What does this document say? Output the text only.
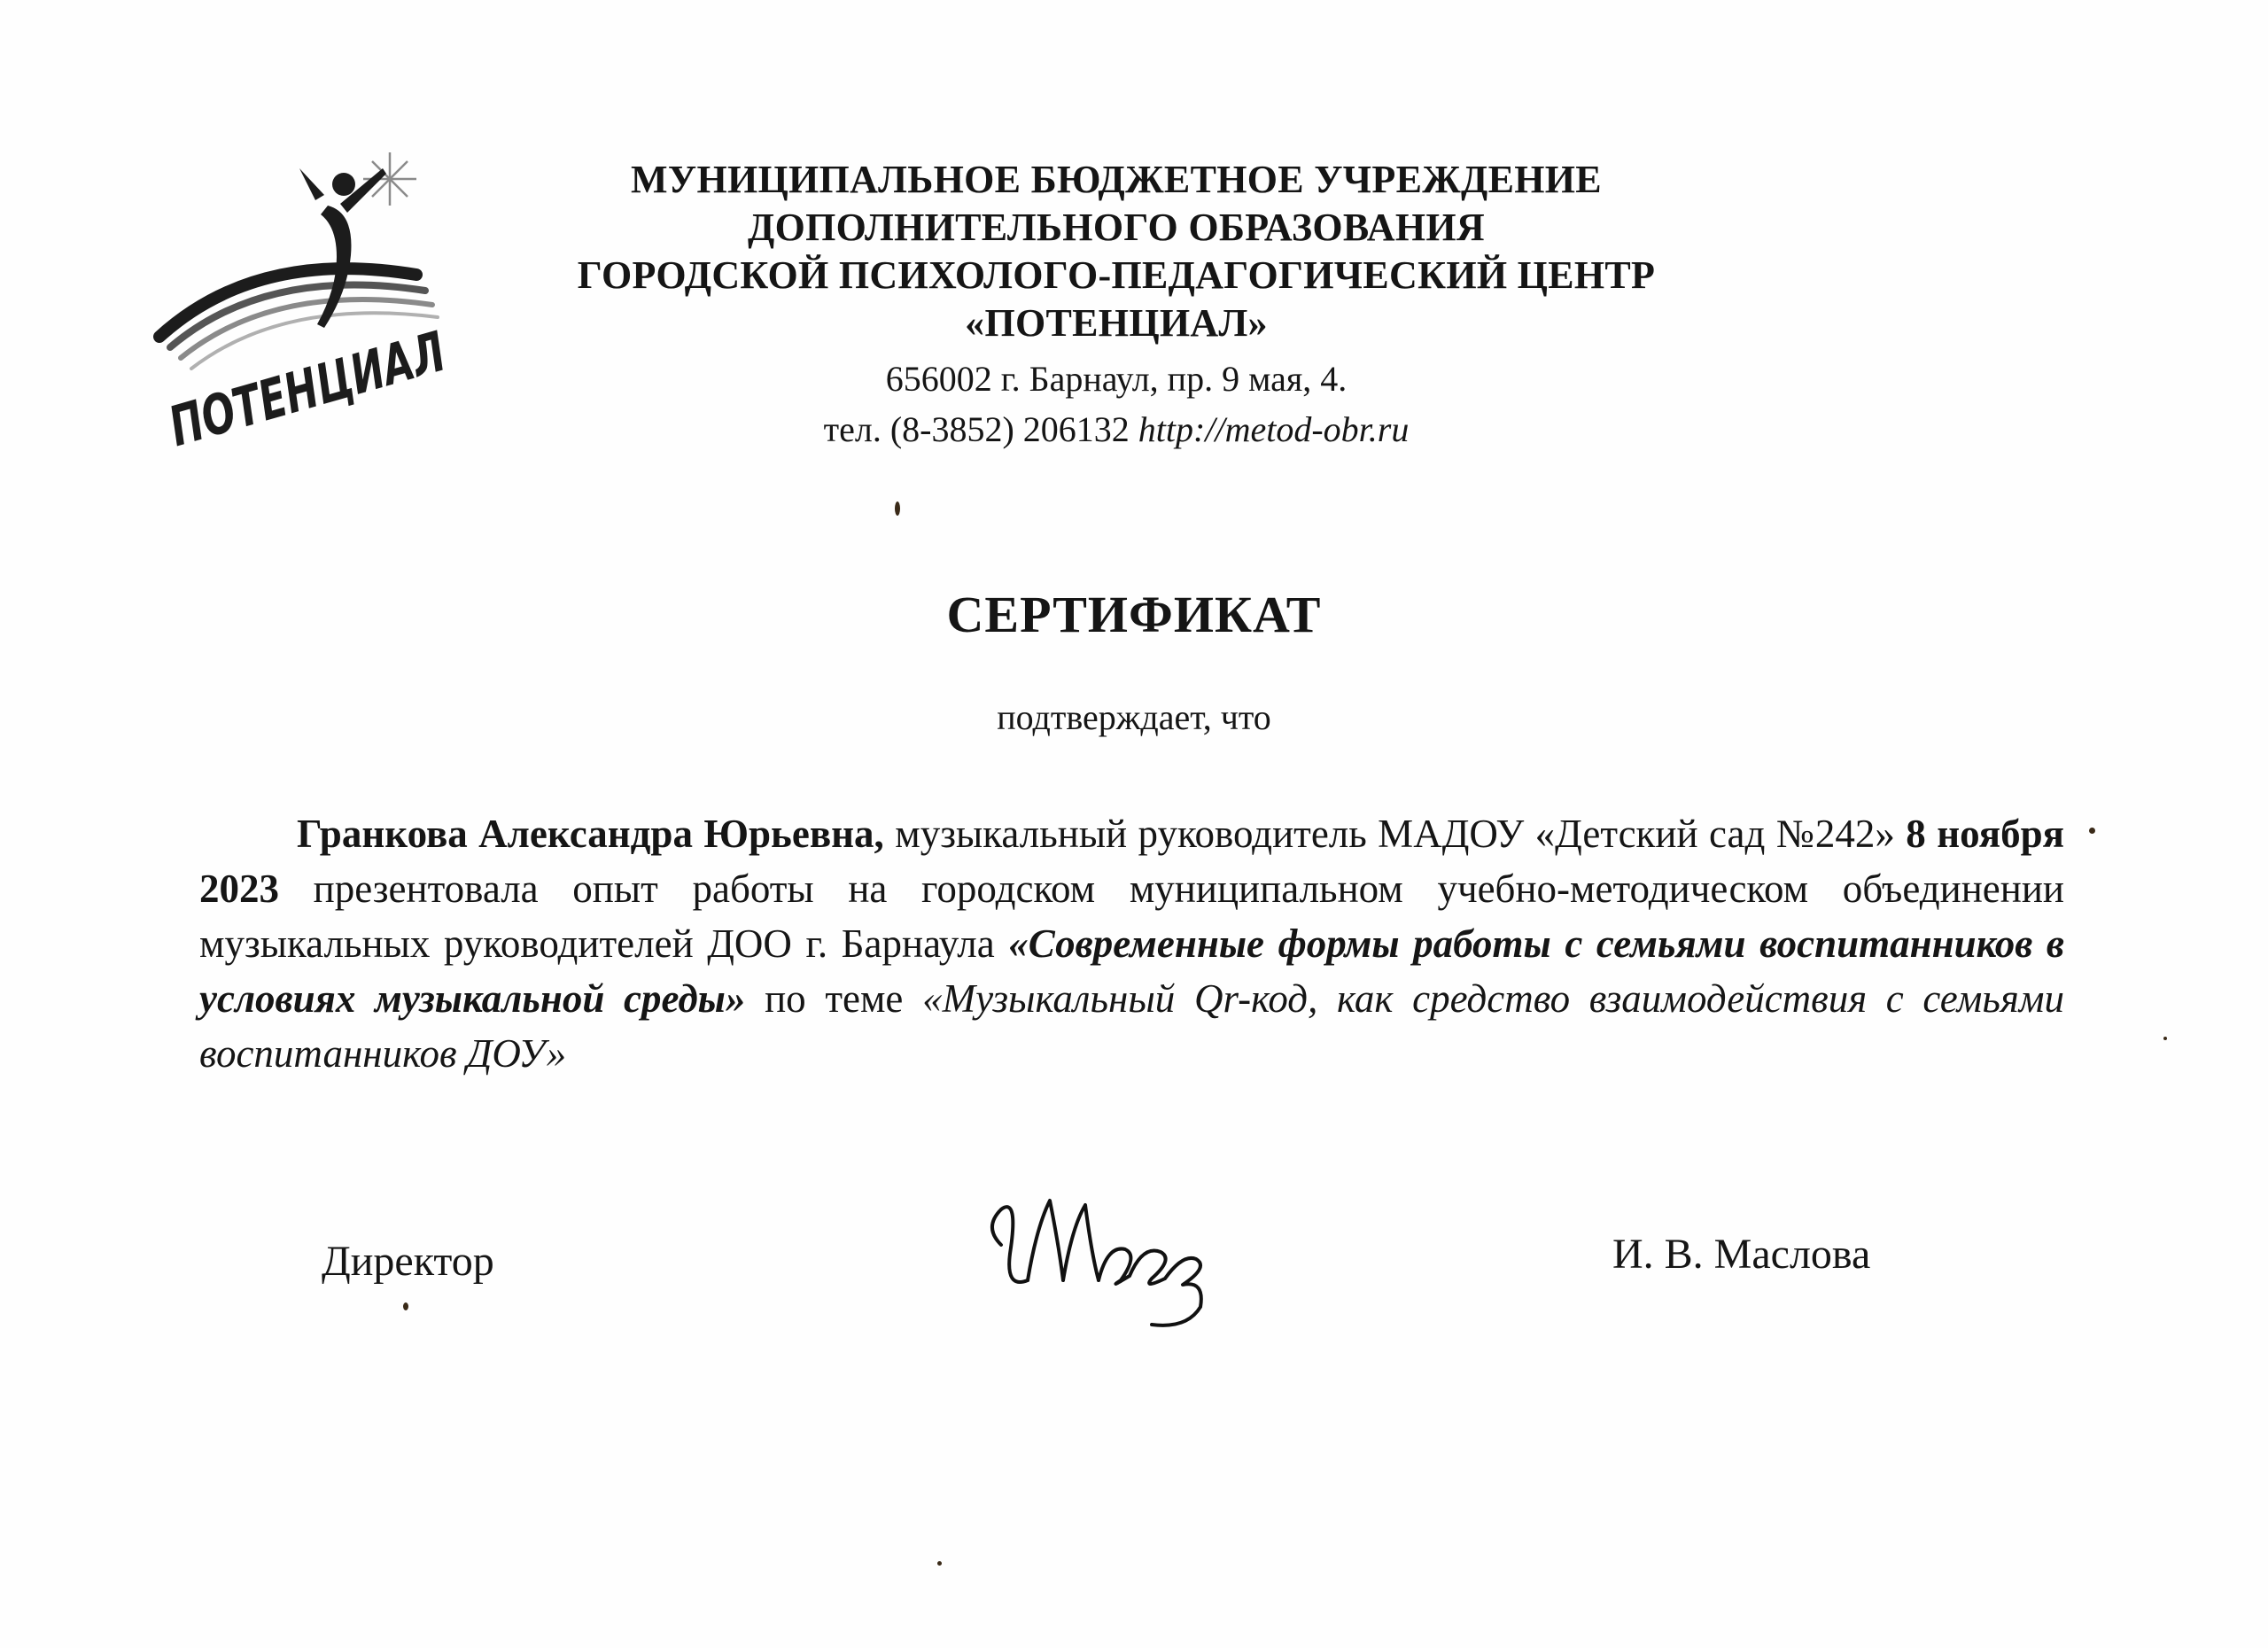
ПОТЕНЦИАЛ
МУНИЦИПАЛЬНОЕ БЮДЖЕТНОЕ УЧРЕЖДЕНИЕ
ДОПОЛНИТЕЛЬНОГО ОБРАЗОВАНИЯ
ГОРОДСКОЙ ПСИХОЛОГО-ПЕДАГОГИЧЕСКИЙ ЦЕНТР
«ПОТЕНЦИАЛ»
656002 г. Барнаул, пр. 9 мая, 4.
тел. (8-3852) 206132 http://metod-obr.ru
СЕРТИФИКАТ
подтверждает, что
Гранкова Александра Юрьевна, музыкальный руководитель МАДОУ «Детский сад №242» 8 ноября 2023 презентовала опыт работы на городском муниципальном учебно-методическом объединении музыкальных руководителей ДОО г. Барнаула «Современные формы работы с семьями воспитанников в условиях музыкальной среды» по теме «Музыкальный Qr-код, как средство взаимодействия с семьями воспитанников ДОУ»
Директор	И. В. Маслова
